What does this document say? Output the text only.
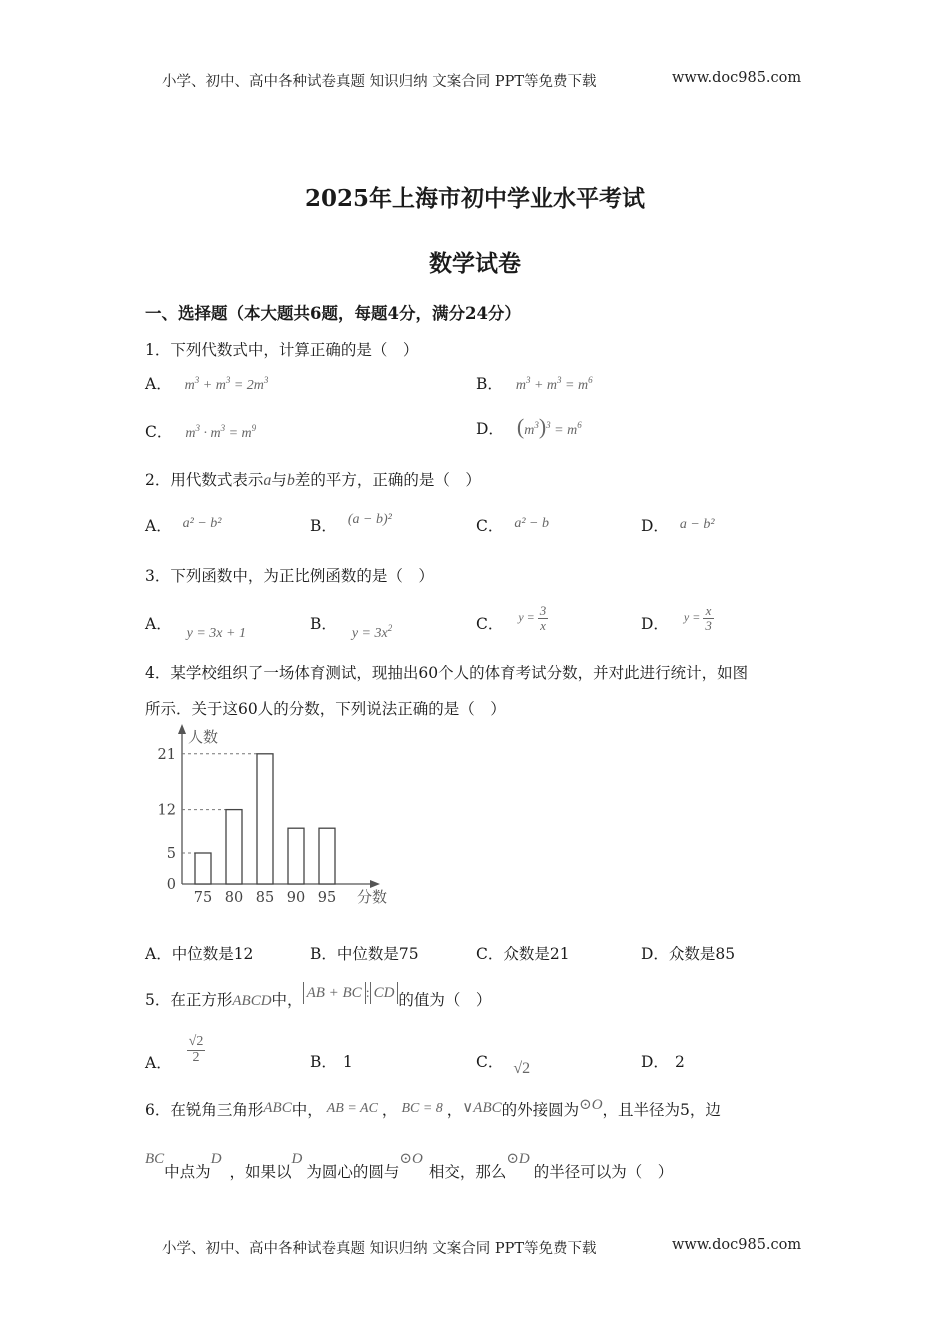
小学、初中、高中各种试卷真题 知识归纳 文案合同 PPT等免费下载	www.doc985.com
2025年上海市初中学业水平考试
数学试卷
一、选择题（本大题共6题，每题4分，满分24分）
1．下列代数式中，计算正确的是（　）
A． $m^3 + m^3 = 2m^3$	B． $m^3 + m^3 = m^6$
C． $m^3 \cdot m^3 = m^9$	D． $(m^3)^3 = m^6$
2．用代数式表示a与b差的平方，正确的是（　）
A． a² − b²	B． (a − b)²	C． a² − b	D． a − b²
3．下列函数中，为正比例函数的是（　）
A． y = 3x + 1
B． $y = 3x^2$	C． $^{y = \frac{3}{x}}$	D． $^{y = \frac{x}{3}}$
4．某学校组织了一场体育测试，现抽出60个人的体育考试分数，并对此进行统计，如图
所示．关于这60人的分数，下列说法正确的是（　）
人数
分数
0
5
12
21
75 80 85 90 95
A．中位数是12	B．中位数是75	C．众数是21	D．众数是85
5．在正方形ABCD中， AB + BC : CD 的值为（　）
A． $\frac{√2}{2}$	B． 1	C． √2	D． 2
6．在锐角三角形ABC中， AB = AC ， BC = 8 ，∨ABC的外接圆为⊙O，且半径为5，边
BC中点为D，如果以D为圆心的圆与⊙O相交，那么⊙D的半径可以为（　）
小学、初中、高中各种试卷真题 知识归纳 文案合同 PPT等免费下载	www.doc985.com
